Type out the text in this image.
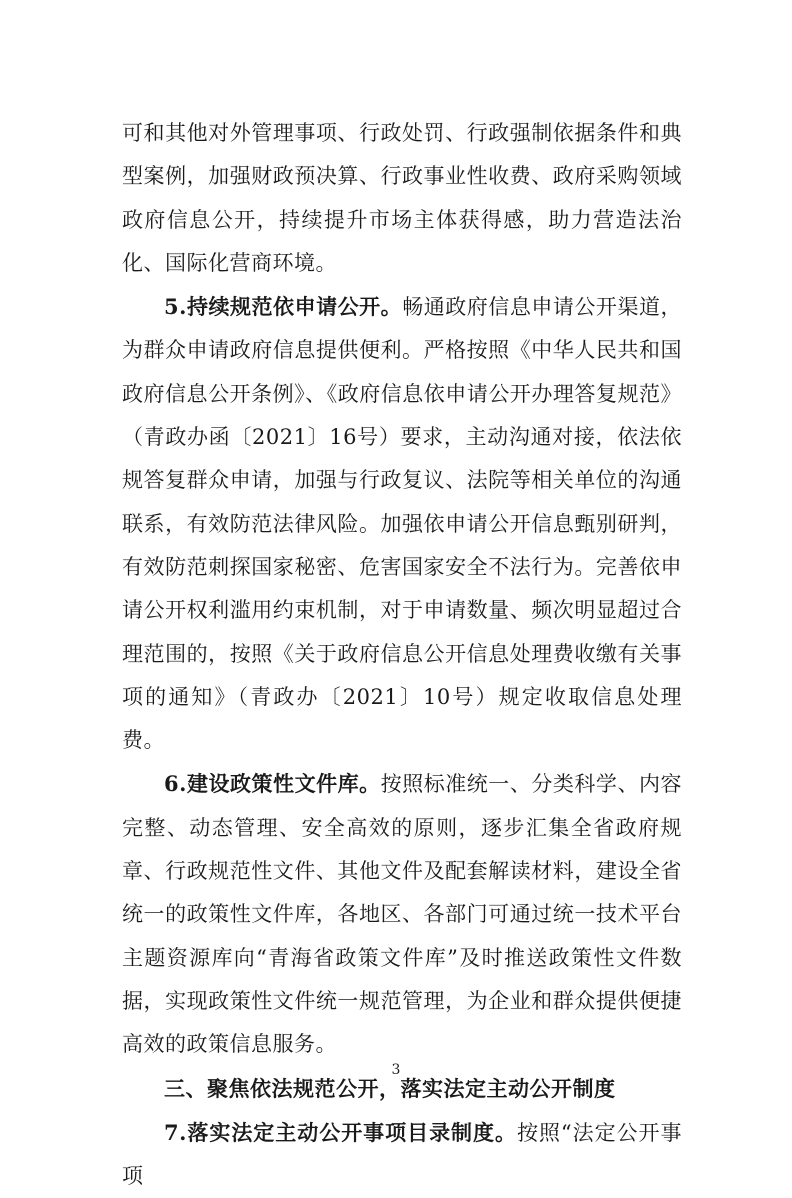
可和其他对外管理事项、行政处罚、行政强制依据条件和典型案例，加强财政预决算、行政事业性收费、政府采购领域政府信息公开，持续提升市场主体获得感，助力营造法治化、国际化营商环境。

5.持续规范依申请公开。畅通政府信息申请公开渠道，为群众申请政府信息提供便利。严格按照《中华人民共和国政府信息公开条例》、《政府信息依申请公开办理答复规范》（青政办函〔2021〕16号）要求，主动沟通对接，依法依规答复群众申请，加强与行政复议、法院等相关单位的沟通联系，有效防范法律风险。加强依申请公开信息甄别研判，有效防范刺探国家秘密、危害国家安全不法行为。完善依申请公开权利滥用约束机制，对于申请数量、频次明显超过合理范围的，按照《关于政府信息公开信息处理费收缴有关事项的通知》（青政办〔2021〕10号）规定收取信息处理费。

6.建设政策性文件库。按照标准统一、分类科学、内容完整、动态管理、安全高效的原则，逐步汇集全省政府规章、行政规范性文件、其他文件及配套解读材料，建设全省统一的政策性文件库，各地区、各部门可通过统一技术平台主题资源库向“青海省政策文件库”及时推送政策性文件数据，实现政策性文件统一规范管理，为企业和群众提供便捷高效的政策信息服务。

三、聚焦依法规范公开，落实法定主动公开制度

7.落实法定主动公开事项目录制度。按照“法定公开事项

3
